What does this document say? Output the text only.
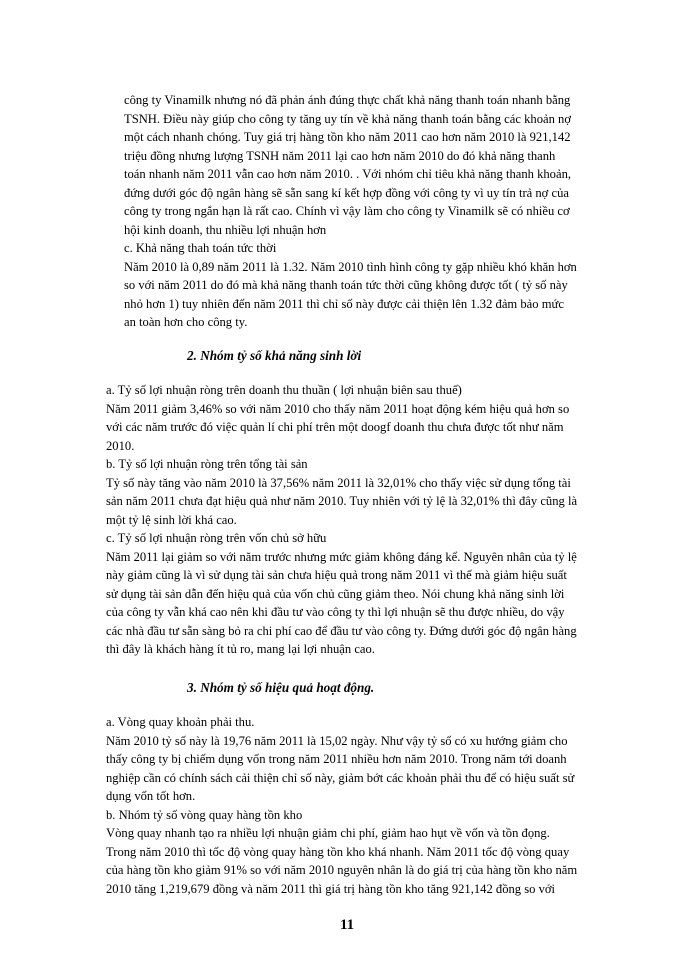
công ty Vinamilk nhưng nó đã phản ánh đúng thực chất khả năng thanh toán nhanh bằng
TSNH. Điều này giúp cho công ty tăng uy tín về khả năng thanh toán bằng các khoản nợ
một cách nhanh chóng. Tuy giá trị hàng tồn kho năm 2011 cao hơn năm 2010 là 921,142
triệu đồng nhưng lượng TSNH năm 2011 lại cao hơn năm 2010 do đó khả năng thanh
toán nhanh năm 2011 vẫn cao hơn năm 2010. . Với nhóm chỉ tiêu khả năng thanh khoản,
đứng dưới góc độ ngân hàng sẽ sẵn sang kí kết hợp đồng với công ty vì uy tín trả nợ của
công ty trong ngắn hạn là rất cao. Chính vì vậy làm cho công ty Vinamilk sẽ có nhiều cơ
hội kinh doanh, thu nhiều lợi nhuận hơn
c. Khả năng thah toán tức thời
Năm 2010 là 0,89 năm 2011 là 1.32. Năm 2010 tình hình công ty gặp nhiều khó khăn hơn
so với năm 2011 do đó mà khả năng thanh toán tức thời cũng không được tốt ( tỷ số này
nhỏ hơn 1) tuy nhiên đến năm 2011 thì chỉ số này được cải thiện lên 1.32 đảm bảo mức
an toàn hơn cho công ty.
2. Nhóm tỷ số khả năng sinh lời
a. Tỷ số lợi nhuận ròng trên doanh thu thuần ( lợi nhuận biên sau thuế)
Năm 2011 giảm 3,46% so với năm 2010 cho thấy năm 2011 hoạt động kém hiệu quả hơn so
với các năm trước đó việc quản lí chi phí trên một doogf doanh thu chưa được tốt như năm
2010.
b. Tỷ số lợi nhuận ròng trên tổng tài sản
Tỷ số này tăng vào năm 2010 là 37,56% năm 2011 là 32,01% cho thấy việc sử dụng tổng tài
sản năm 2011 chưa đạt hiệu quả như năm 2010. Tuy nhiên với tỷ lệ là 32,01% thì đây cũng là
một tỷ lệ sinh lời khá cao.
c. Tỷ số lợi nhuận ròng trên vốn chủ sở hữu
Năm 2011 lại giảm so với năm trước nhưng mức giảm không đáng kể. Nguyên nhân của tỷ lệ
này giảm cũng là vì sử dụng tài sản chưa hiệu quả trong năm 2011 vì thế mà giảm hiệu suất
sử dụng tài sản dẫn đến hiệu quả của vốn chủ cũng giảm theo. Nói chung khả năng sinh lời
của công ty vẫn khá cao nên khi đầu tư vào công ty thì lợi nhuận sẽ thu được nhiều, do vậy
các nhà đầu tư sẵn sàng bỏ ra chi phí cao để đầu tư vào công ty. Đứng dưới góc độ ngân hàng
thì đây là khách hàng ít tủ ro, mang lại lợi nhuận cao.
3. Nhóm tỷ số hiệu quả hoạt động.
a. Vòng quay khoản phải thu.
Năm 2010 tỷ số này là 19,76 năm 2011 là 15,02 ngày. Như vậy tỷ số có xu hướng giảm cho
thấy công ty bị chiếm dụng vốn trong năm 2011 nhiều hơn năm 2010. Trong năm tới doanh
nghiệp cần có chính sách cải thiện chỉ số này, giảm bớt các khoản phải thu để có hiệu suất sử
dụng vốn tốt hơn.
b. Nhóm tỷ số vòng quay hàng tồn kho
Vòng quay nhanh tạo ra nhiều lợi nhuận giảm chi phí, giảm hao hụt về vốn và tồn đọng.
Trong năm 2010 thì tốc độ vòng quay hàng tồn kho khá nhanh. Năm 2011 tốc độ vòng quay
của hàng tồn kho giảm 91% so với năm 2010 nguyên nhân là do giá trị của hàng tồn kho năm
2010 tăng 1,219,679 đồng và năm 2011 thì giá trị hàng tồn kho tăng 921,142 đồng so với
11
